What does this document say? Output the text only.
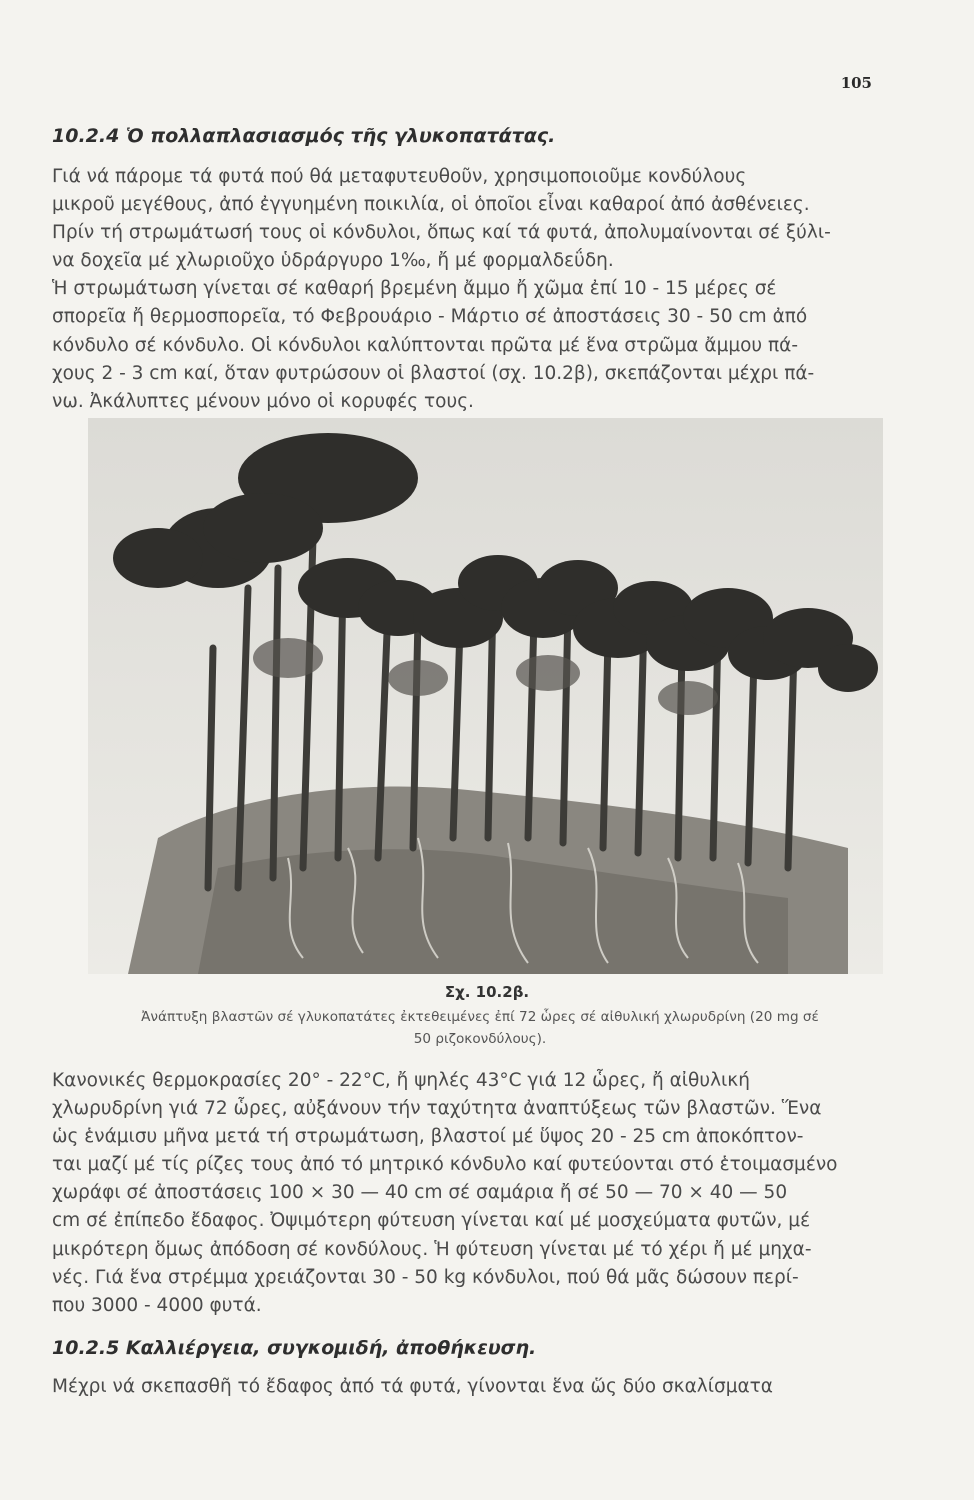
105
10.2.4 Ὁ πολλαπλασιασμός τῆς γλυκοπατάτας.
Γιά νά πάρομε τά φυτά πού θά μεταφυτευθοῦν, χρησιμοποιοῦμε κονδύλους
μικροῦ μεγέθους, ἀπό ἐγγυημένη ποικιλία, οἱ ὁποῖοι εἶναι καθαροί ἀπό ἀσθένειες.
Πρίν τή στρωμάτωσή τους οἱ κόνδυλοι, ὅπως καί τά φυτά, ἀπολυμαίνονται σέ ξύλι-
να δοχεῖα μέ χλωριοῦχο ὑδράργυρο 1‰, ἤ μέ φορμαλδεΰδη.
Ἡ στρωμάτωση γίνεται σέ καθαρή βρεμένη ἄμμο ἤ χῶμα ἐπί 10 - 15 μέρες σέ
σπορεῖα ἤ θερμοσπορεῖα, τό Φεβρουάριο - Μάρτιο σέ ἀποστάσεις 30 - 50 cm ἀπό
κόνδυλο σέ κόνδυλο. Οἱ κόνδυλοι καλύπτονται πρῶτα μέ ἕνα στρῶμα ἄμμου πά-
χους 2 - 3 cm καί, ὅταν φυτρώσουν οἱ βλαστοί (σχ. 10.2β), σκεπάζονται μέχρι πά-
νω. Ἀκάλυπτες μένουν μόνο οἱ κορυφές τους.
Σχ. 10.2β.
Ἀνάπτυξη βλαστῶν σέ γλυκοπατάτες ἐκτεθειμένες ἐπί 72 ὧρες σέ αἰθυλική χλωρυδρίνη (20 mg σέ
50 ριζοκονδύλους).
Κανονικές θερμοκρασίες 20° - 22°C, ἤ ψηλές 43°C γιά 12 ὧρες, ἤ αἰθυλική
χλωρυδρίνη γιά 72 ὧρες, αὐξάνουν τήν ταχύτητα ἀναπτύξεως τῶν βλαστῶν. Ἕνα
ὡς ἑνάμισυ μῆνα μετά τή στρωμάτωση, βλαστοί μέ ὕψος 20 - 25 cm ἀποκόπτον-
ται μαζί μέ τίς ρίζες τους ἀπό τό μητρικό κόνδυλο καί φυτεύονται στό ἑτοιμασμένο
χωράφι σέ ἀποστάσεις 100 × 30 — 40 cm σέ σαμάρια ἤ σέ 50 — 70 × 40 — 50
cm σέ ἐπίπεδο ἔδαφος. Ὀψιμότερη φύτευση γίνεται καί μέ μοσχεύματα φυτῶν, μέ
μικρότερη ὅμως ἀπόδοση σέ κονδύλους. Ἡ φύτευση γίνεται μέ τό χέρι ἤ μέ μηχα-
νές. Γιά ἕνα στρέμμα χρειάζονται 30 - 50 kg κόνδυλοι, πού θά μᾶς δώσουν περί-
που 3000 - 4000 φυτά.
10.2.5 Καλλιέργεια, συγκομιδή, ἀποθήκευση.
Μέχρι νά σκεπασθῆ τό ἔδαφος ἀπό τά φυτά, γίνονται ἕνα ὥς δύο σκαλίσματα
